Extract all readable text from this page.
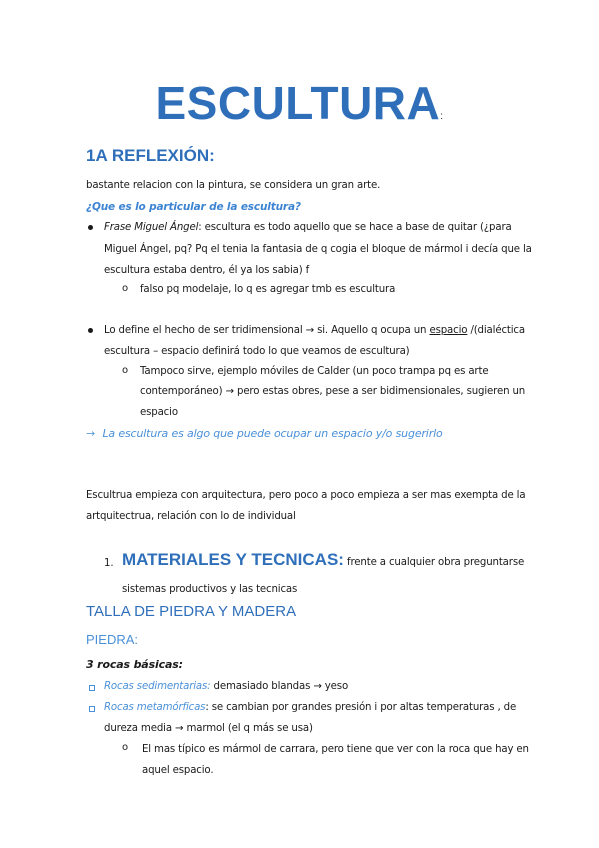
ESCULTURA:
1A REFLEXIÓN:
bastante relacion con la pintura, se considera un gran arte.
¿Que es lo particular de la escultura?
Frase Miguel Ángel: escultura es todo aquello que se hace a base de quitar (¿para
Miguel Ángel, pq? Pq el tenia la fantasia de q cogia el bloque de mármol i decía que la
escultura estaba dentro, él ya los sabia) f
o falso pq modelaje, lo q es agregar tmb es escultura
Lo define el hecho de ser tridimensional → si. Aquello q ocupa un espacio /(dialéctica
escultura – espacio definirá todo lo que veamos de escultura)
o Tampoco sirve, ejemplo móviles de Calder (un poco trampa pq es arte
contemporáneo) → pero estas obres, pese a ser bidimensionales, sugieren un
espacio
→ La escultura es algo que puede ocupar un espacio y/o sugerirlo
Escultrua empieza con arquitectura, pero poco a poco empieza a ser mas exempta de la
artquitectrua, relación con lo de individual
1. MATERIALES Y TECNICAS: frente a cualquier obra preguntarse
sistemas productivos y las tecnicas
TALLA DE PIEDRA Y MADERA
PIEDRA:
3 rocas básicas:
Rocas sedimentarias: demasiado blandas → yeso
Rocas metamórficas: se cambian por grandes presión i por altas temperaturas , de
dureza media → marmol (el q más se usa)
o El mas típico es mármol de carrara, pero tiene que ver con la roca que hay en
aquel espacio.
